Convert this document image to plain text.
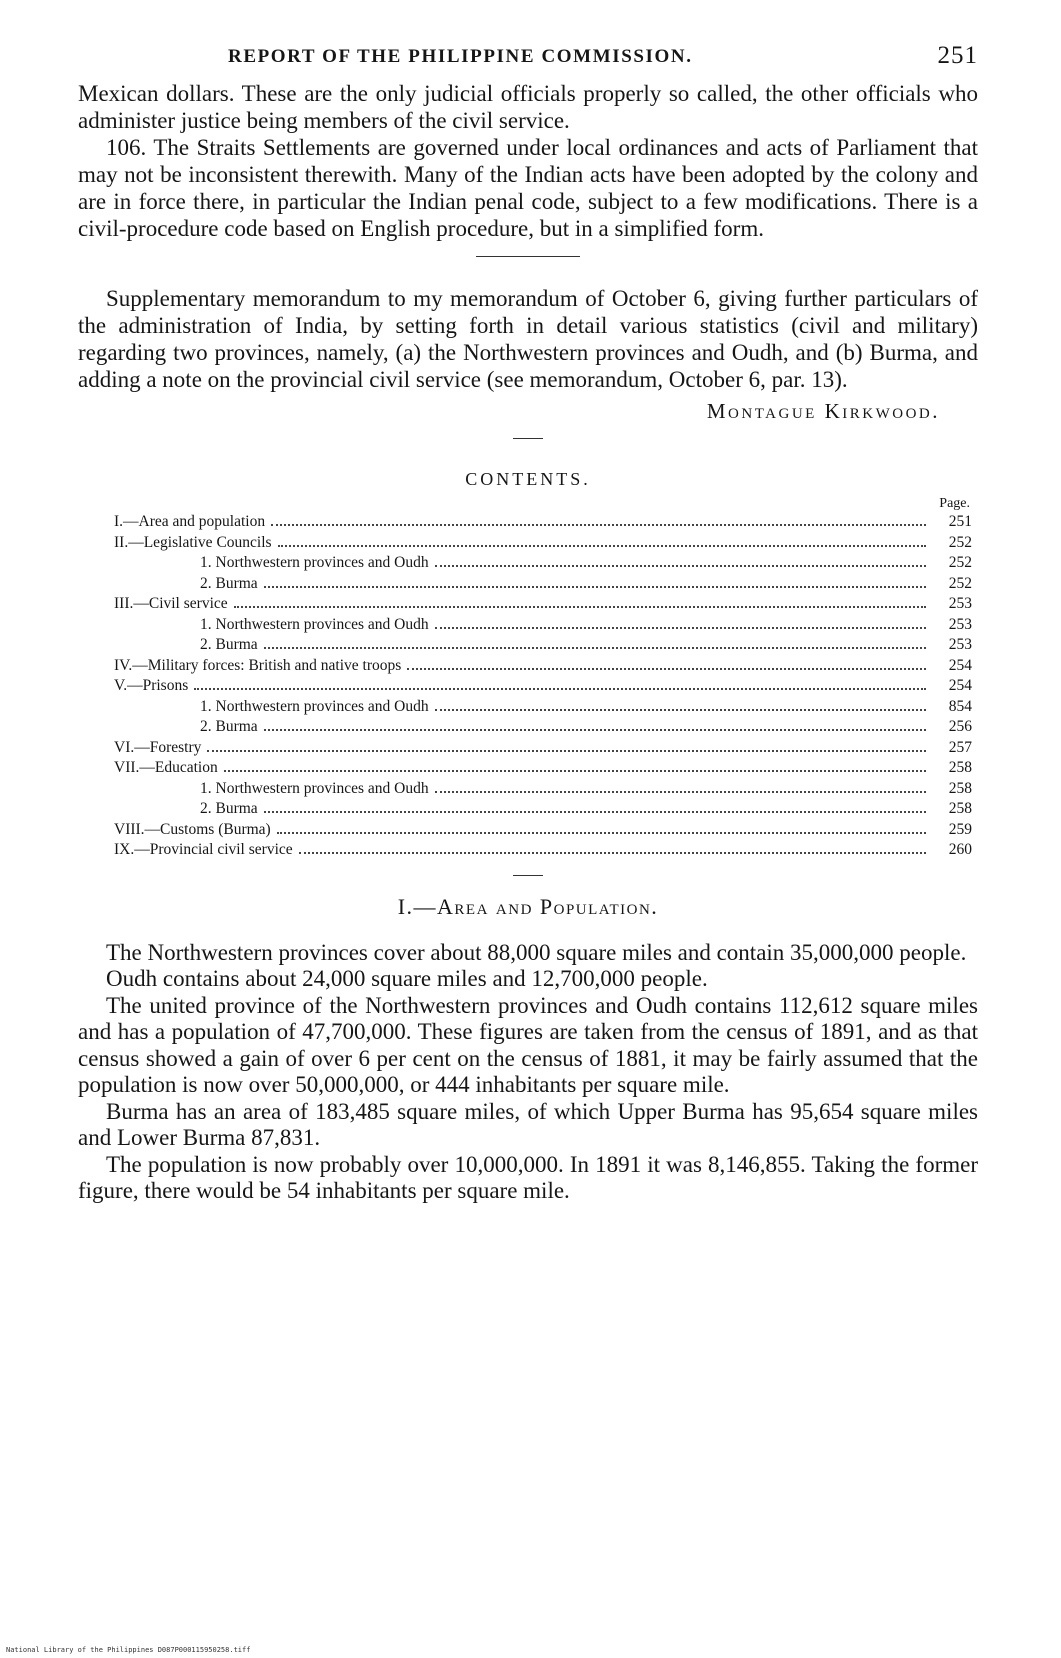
REPORT OF THE PHILIPPINE COMMISSION.	251

Mexican dollars. These are the only judicial officials properly so called, the other officials who administer justice being members of the civil service.

106. The Straits Settlements are governed under local ordinances and acts of Parliament that may not be inconsistent therewith. Many of the Indian acts have been adopted by the colony and are in force there, in particular the Indian penal code, subject to a few modifications. There is a civil-procedure code based on English procedure, but in a simplified form.

Supplementary memorandum to my memorandum of October 6, giving further particulars of the administration of India, by setting forth in detail various statistics (civil and military) regarding two provinces, namely, (a) the Northwestern provinces and Oudh, and (b) Burma, and adding a note on the provincial civil service (see memorandum, October 6, par. 13).

Montague Kirkwood.
CONTENTS.
Page.
I.—Area and population	251
II.—Legislative Councils	252
1. Northwestern provinces and Oudh	252
2. Burma	252
III.—Civil service	253
1. Northwestern provinces and Oudh	253
2. Burma	253
IV.—Military forces: British and native troops	254
V.—Prisons	254
1. Northwestern provinces and Oudh	854
2. Burma	256
VI.—Forestry	257
VII.—Education	258
1. Northwestern provinces and Oudh	258
2. Burma	258
VIII.—Customs (Burma)	259
IX.—Provincial civil service	260
I.—Area and Population.

The Northwestern provinces cover about 88,000 square miles and contain 35,000,000 people.

Oudh contains about 24,000 square miles and 12,700,000 people.

The united province of the Northwestern provinces and Oudh contains 112,612 square miles and has a population of 47,700,000. These figures are taken from the census of 1891, and as that census showed a gain of over 6 per cent on the census of 1881, it may be fairly assumed that the population is now over 50,000,000, or 444 inhabitants per square mile.

Burma has an area of 183,485 square miles, of which Upper Burma has 95,654 square miles and Lower Burma 87,831.

The population is now probably over 10,000,000. In 1891 it was 8,146,855. Taking the former figure, there would be 54 inhabitants per square mile.

National Library of the Philippines D087P000115950258.tiff
